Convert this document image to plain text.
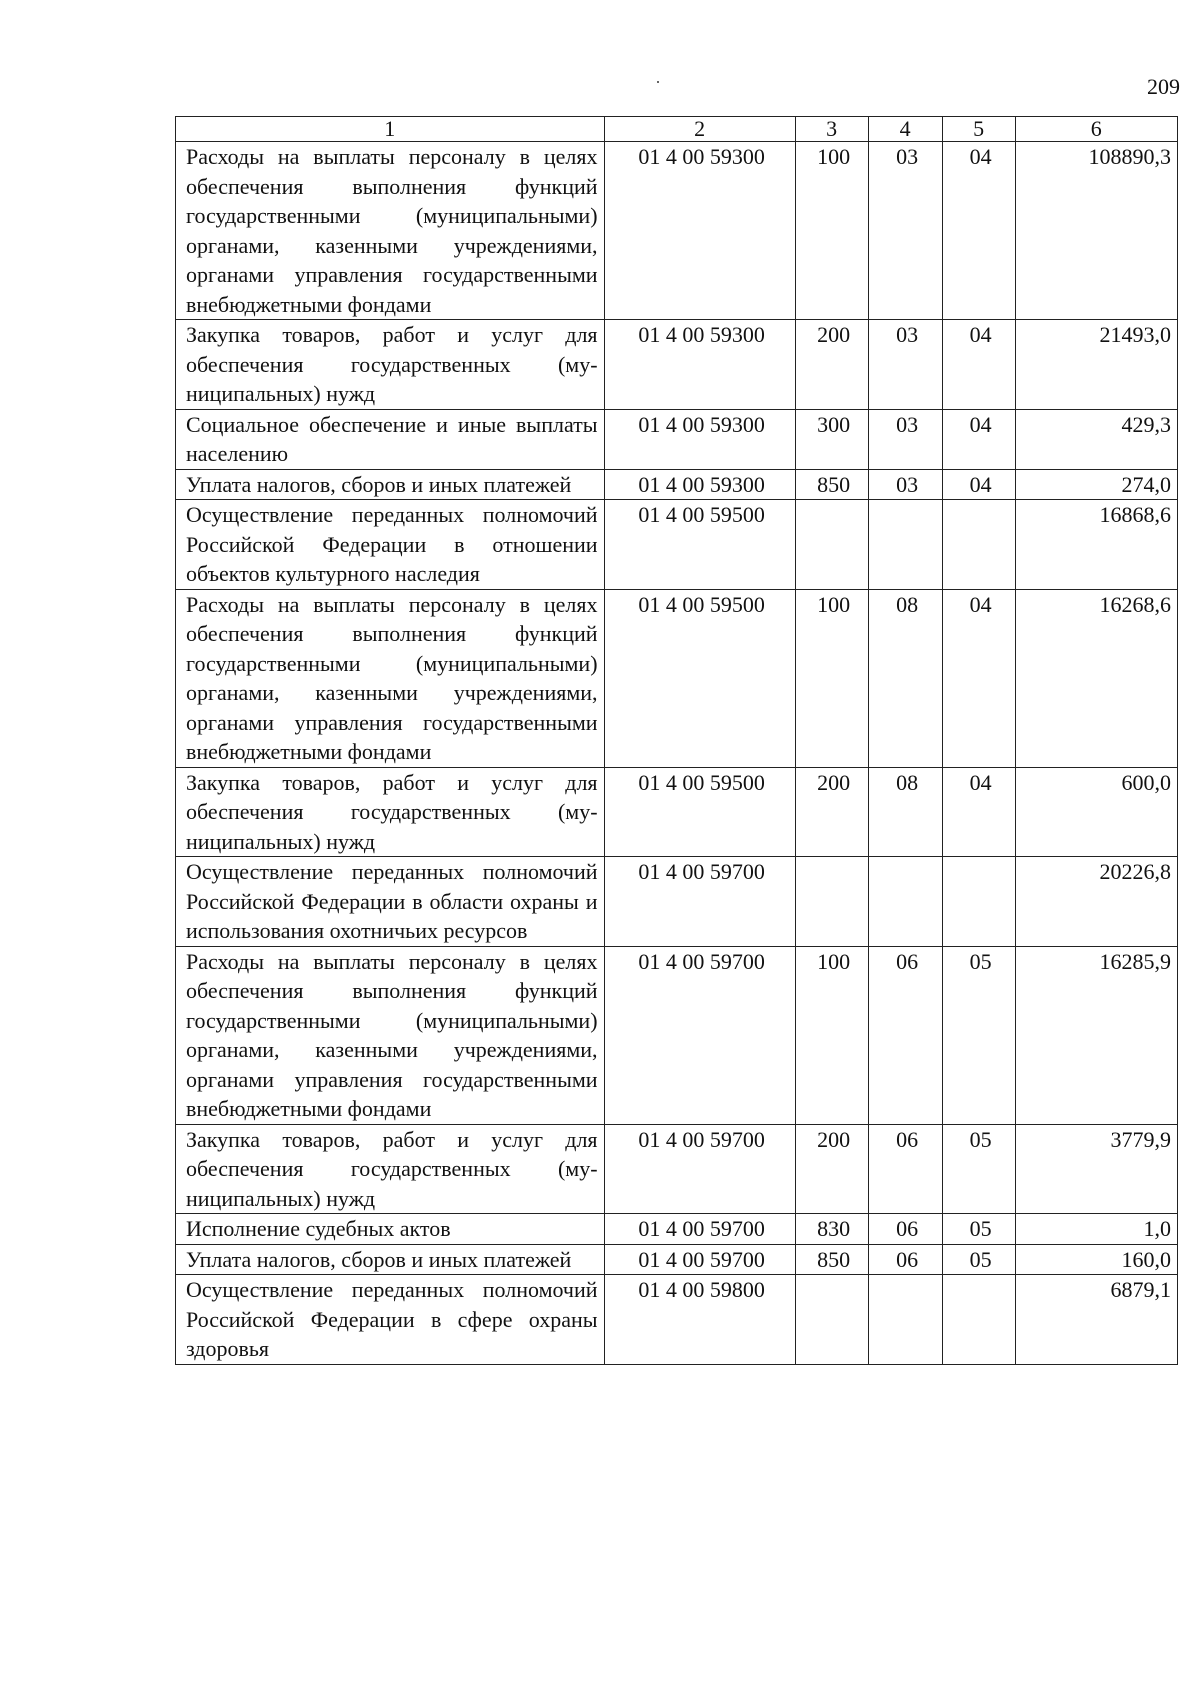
209
1	2	3	4	5	6
Расходы на выплаты персоналу в целях обеспечения выполнения функций государственными (муниципальными) органами, казенными учреждениями, органами управления государственными внебюджетными фондами	01 4 00 59300	100	03	04	108890,3
Закупка товаров, работ и услуг для обеспечения государственных (муниципальных) нужд	01 4 00 59300	200	03	04	21493,0
Социальное обеспечение и иные выплаты населению	01 4 00 59300	300	03	04	429,3
Уплата налогов, сборов и иных платежей	01 4 00 59300	850	03	04	274,0
Осуществление переданных полномочий Российской Федерации в отношении объектов культурного наследия	01 4 00 59500				16868,6
Расходы на выплаты персоналу в целях обеспечения выполнения функций государственными (муниципальными) органами, казенными учреждениями, органами управления государственными внебюджетными фондами	01 4 00 59500	100	08	04	16268,6
Закупка товаров, работ и услуг для обеспечения государственных (муниципальных) нужд	01 4 00 59500	200	08	04	600,0
Осуществление переданных полномочий Российской Федерации в области охраны и использования охотничьих ресурсов	01 4 00 59700				20226,8
Расходы на выплаты персоналу в целях обеспечения выполнения функций государственными (муниципальными) органами, казенными учреждениями, органами управления государственными внебюджетными фондами	01 4 00 59700	100	06	05	16285,9
Закупка товаров, работ и услуг для обеспечения государственных (муниципальных) нужд	01 4 00 59700	200	06	05	3779,9
Исполнение судебных актов	01 4 00 59700	830	06	05	1,0
Уплата налогов, сборов и иных платежей	01 4 00 59700	850	06	05	160,0
Осуществление переданных полномочий Российской Федерации в сфере охраны здоровья	01 4 00 59800				6879,1
